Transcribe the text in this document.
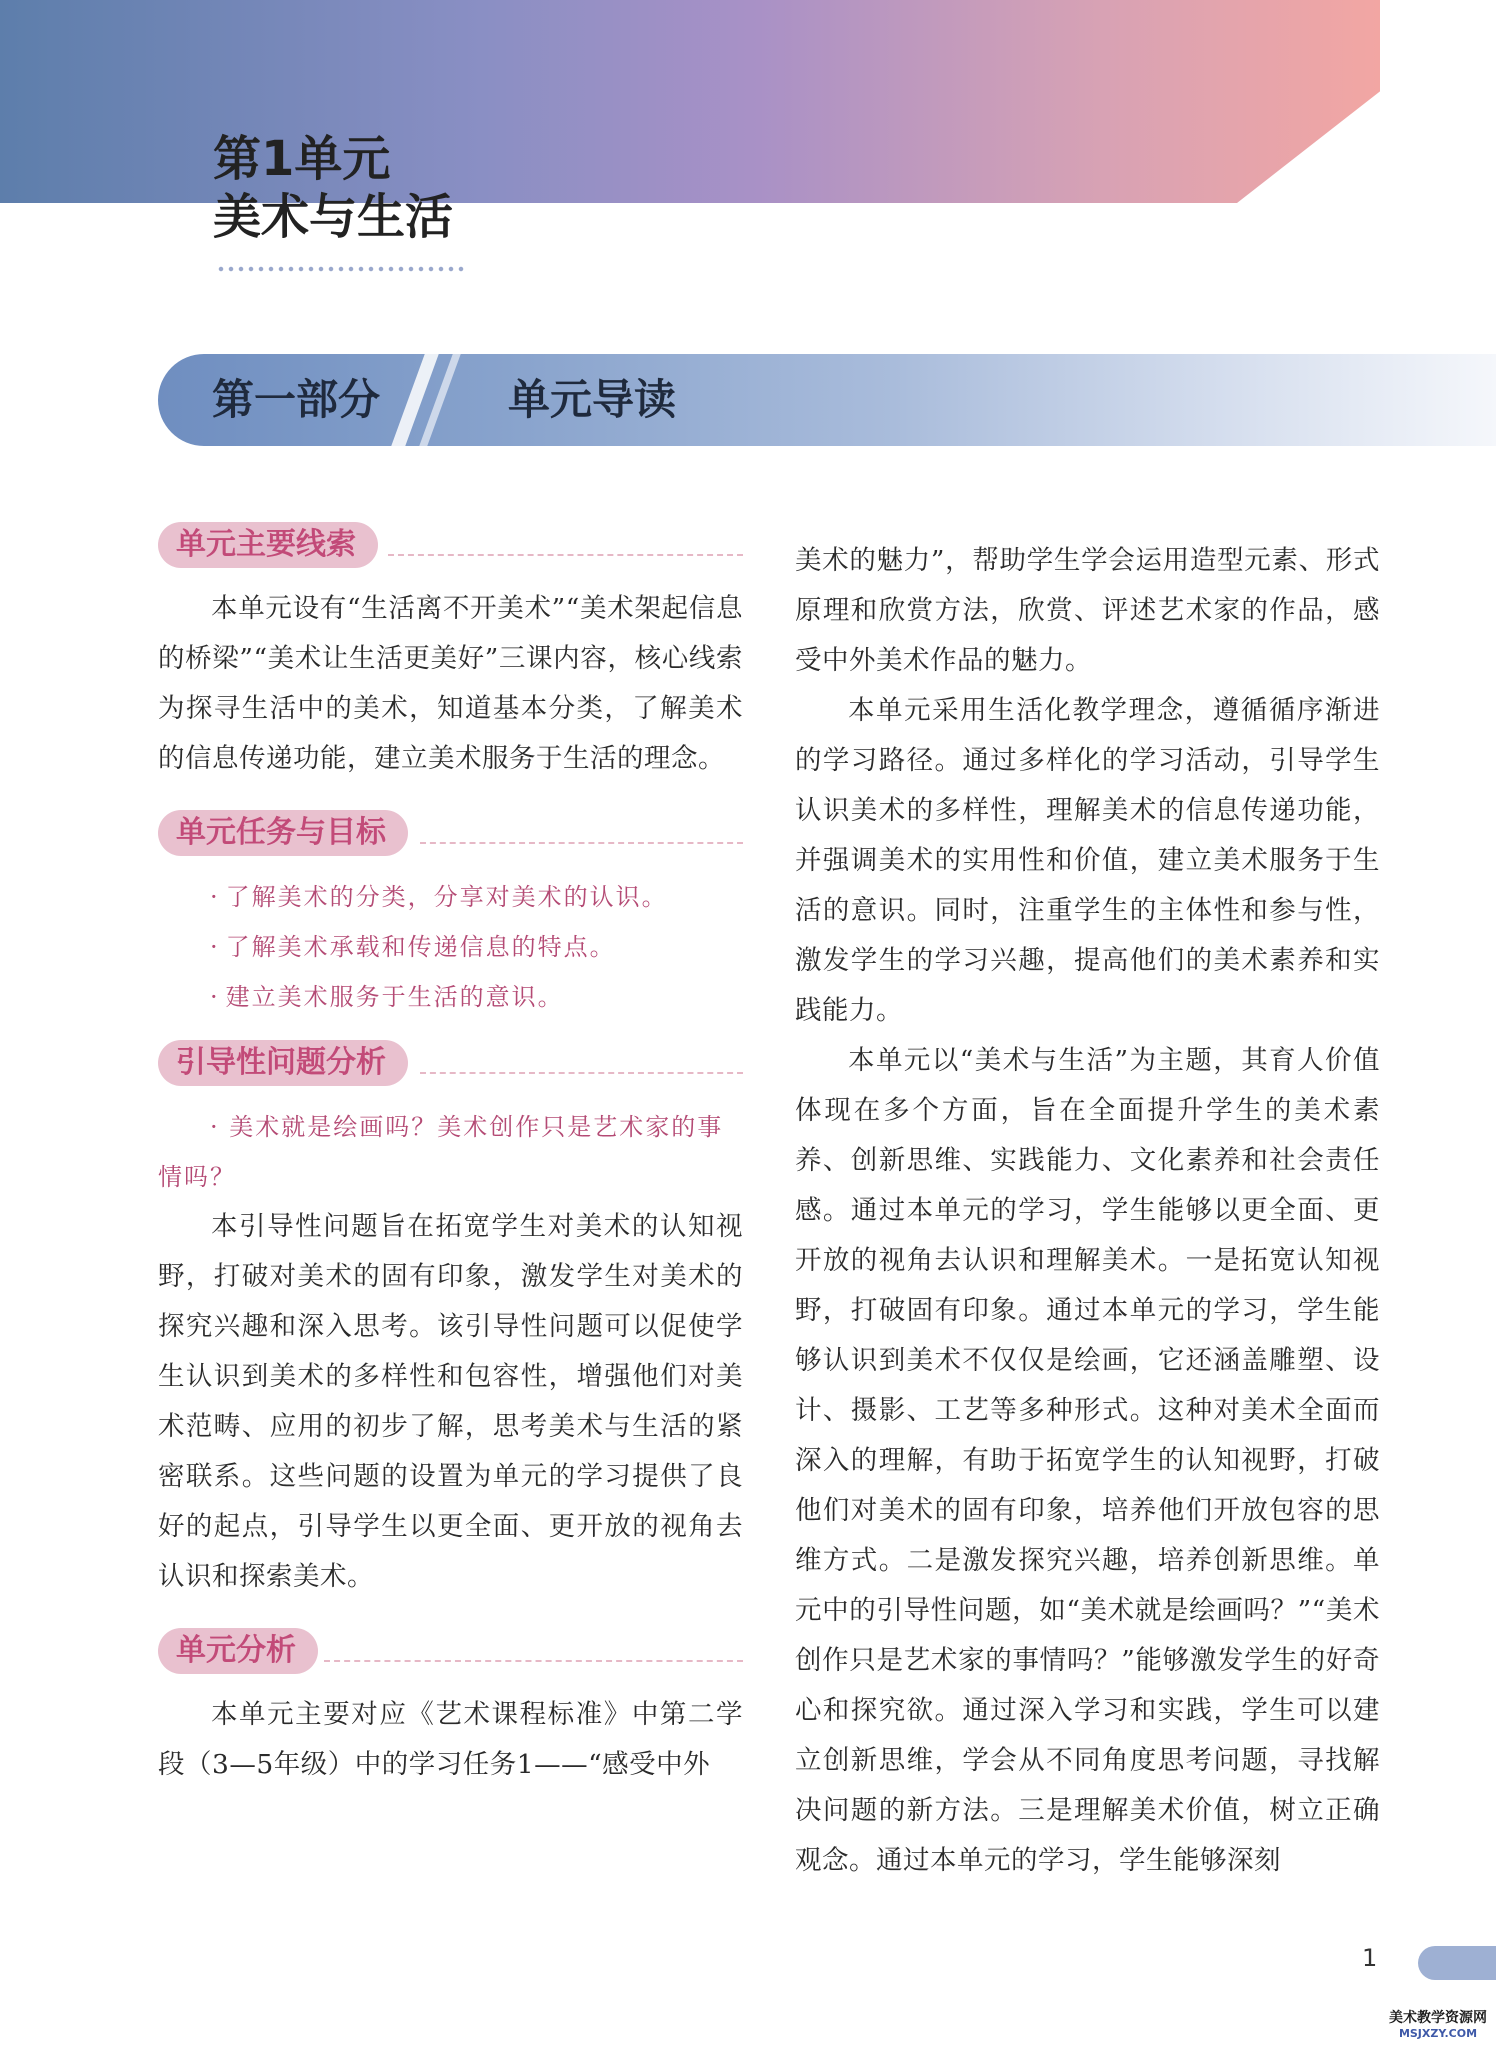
第1单元
美术与生活
第一部分	单元导读
单元主要线索

本单元设有“生活离不开美术”“美术架起信息的桥梁”“美术让生活更美好”三课内容，核心线索为探寻生活中的美术，知道基本分类，了解美术的信息传递功能，建立美术服务于生活的理念。

单元任务与目标
· 了解美术的分类，分享对美术的认识。
· 了解美术承载和传递信息的特点。
· 建立美术服务于生活的意识。
引导性问题分析

· 美术就是绘画吗？美术创作只是艺术家的事情吗？

本引导性问题旨在拓宽学生对美术的认知视野，打破对美术的固有印象，激发学生对美术的探究兴趣和深入思考。该引导性问题可以促使学生认识到美术的多样性和包容性，增强他们对美术范畴、应用的初步了解，思考美术与生活的紧密联系。这些问题的设置为单元的学习提供了良好的起点，引导学生以更全面、更开放的视角去认识和探索美术。

单元分析

本单元主要对应《艺术课程标准》中第二学段（3—5年级）中的学习任务1——“感受中外

美术的魅力”，帮助学生学会运用造型元素、形式原理和欣赏方法，欣赏、评述艺术家的作品，感受中外美术作品的魅力。

本单元采用生活化教学理念，遵循循序渐进的学习路径。通过多样化的学习活动，引导学生认识美术的多样性，理解美术的信息传递功能，并强调美术的实用性和价值，建立美术服务于生活的意识。同时，注重学生的主体性和参与性，激发学生的学习兴趣，提高他们的美术素养和实践能力。

本单元以“美术与生活”为主题，其育人价值体现在多个方面，旨在全面提升学生的美术素养、创新思维、实践能力、文化素养和社会责任感。通过本单元的学习，学生能够以更全面、更开放的视角去认识和理解美术。一是拓宽认知视野，打破固有印象。通过本单元的学习，学生能够认识到美术不仅仅是绘画，它还涵盖雕塑、设计、摄影、工艺等多种形式。这种对美术全面而深入的理解，有助于拓宽学生的认知视野，打破他们对美术的固有印象，培养他们开放包容的思维方式。二是激发探究兴趣，培养创新思维。单元中的引导性问题，如“美术就是绘画吗？”“美术创作只是艺术家的事情吗？”能够激发学生的好奇心和探究欲。通过深入学习和实践，学生可以建立创新思维，学会从不同角度思考问题，寻找解决问题的新方法。三是理解美术价值，树立正确观念。通过本单元的学习，学生能够深刻

1
美术教学资源网
MSJXZY.COM
